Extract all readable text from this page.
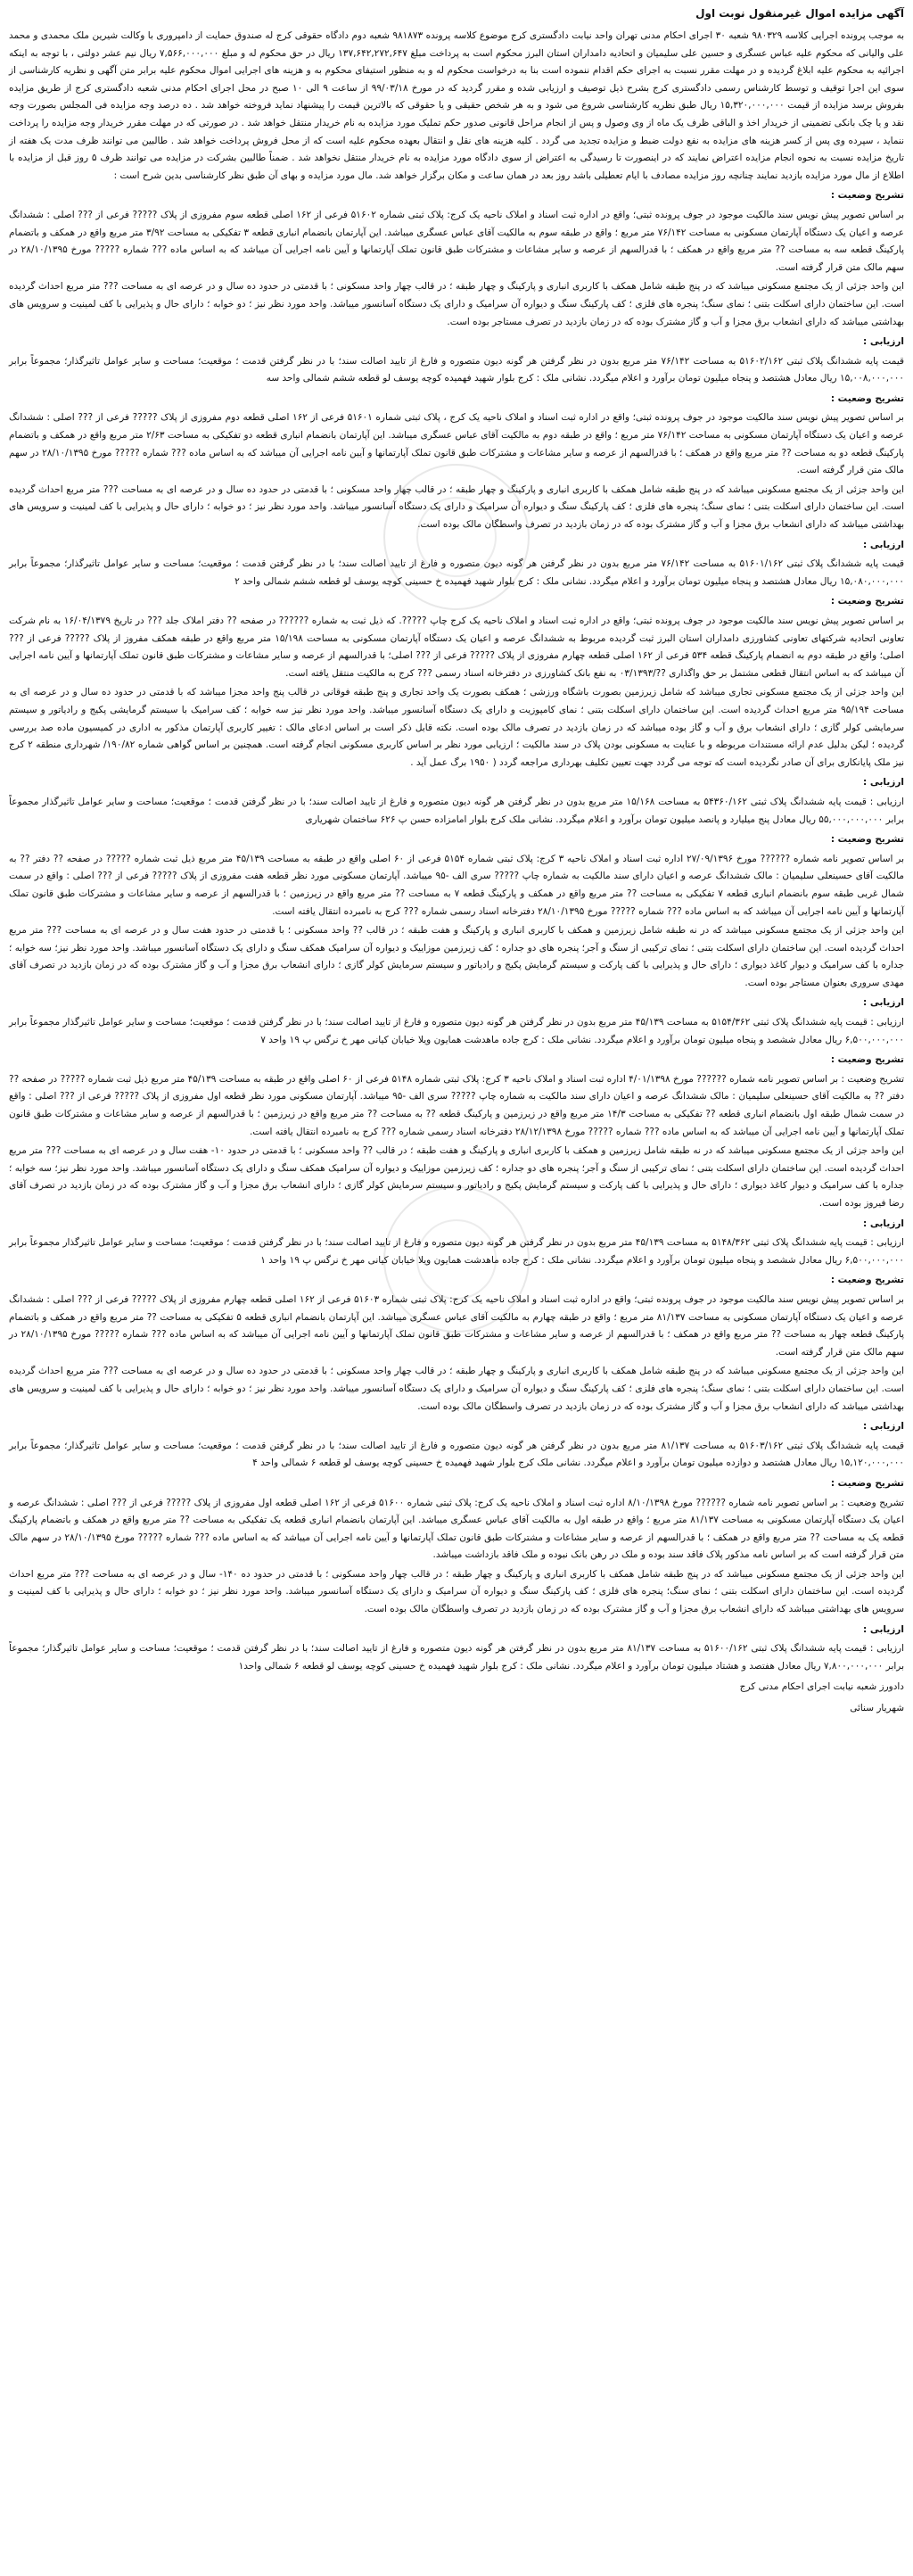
آگهی مزایده اموال غیرمنقول نوبت اول
به موجب پرونده اجرایی کلاسه ۹۸۰۳۲۹ شعبه ۳۰ اجرای احکام مدنی تهران واحد نیابت دادگستری کرج موضوع کلاسه پرونده ۹۸۱۸۷۳ شعبه دوم دادگاه حقوقی کرج له صندوق حمایت از دامپروری با وکالت شیرین ملک محمدی و محمد علی والیانی که محکوم علیه عباس عسگری و حسین علی سلیمیان و اتحادیه دامداران استان البرز محکوم است به پرداخت مبلغ ۱۳۷,۶۴۲,۲۷۲,۶۴۷ ریال در حق محکوم له و مبلغ ۷,۵۶۶,۰۰۰,۰۰۰ ریال نیم عشر دولتی ، با توجه به اینکه اجرائیه به محکوم علیه ابلاغ گردیده و در مهلت مقرر نسبت به اجرای حکم اقدام ننموده است بنا به درخواست محکوم له و به منظور استیفای محکوم به و هزینه های اجرایی اموال محکوم علیه برابر متن آگهی و نظریه کارشناسی از سوی این اجرا توقیف و توسط کارشناس رسمی دادگستری کرج بشرح ذیل توصیف و ارزیابی شده و مقرر گردید که در مورخ ۹۹/۰۳/۱۸ از ساعت ۹ الی ۱۰ صبح در محل اجرای احکام مدنی شعبه دادگستری کرج از طریق مزایده بفروش برسد مزایده از قیمت ۱۵,۳۲۰,۰۰۰,۰۰۰ ریال طبق نظریه کارشناسی شروع می شود و به هر شخص حقیقی و یا حقوقی که بالاترین قیمت را پیشنهاد نماید فروخته خواهد شد . ده درصد وجه مزایده فی المجلس بصورت وجه نقد و یا چک بانکی تضمینی از خریدار اخذ و الباقی ظرف یک ماه از وی وصول و پس از انجام مراحل قانونی صدور حکم تملیک مورد مزایده به نام خریدار منتقل خواهد شد . در صورتی که در مهلت مقرر خریدار وجه مزایده را پرداخت ننماید ، سپرده وی پس از کسر هزینه های مزایده به نفع دولت ضبط و مزایده تجدید می گردد . کلیه هزینه های نقل و انتقال بعهده محکوم علیه است که از محل فروش پرداخت خواهد شد . طالبین می توانند ظرف مدت یک هفته از تاریخ مزایده نسبت به نحوه انجام مزایده اعتراض نمایند که در اینصورت تا رسیدگی به اعتراض از سوی دادگاه مورد مزایده به نام خریدار منتقل نخواهد شد . ضمناً طالبین بشرکت در مزایده می توانند ظرف ۵ روز قبل از مزایده با اطلاع از مال مورد مزایده بازدید نمایند چنانچه روز مزایده مصادف با ایام تعطیلی باشد روز بعد در همان ساعت و مکان برگزار خواهد شد. مال مورد مزایده و بهای آن طبق نظر کارشناسی بدین شرح است :
تشریح وضعیت :
بر اساس تصویر پیش نویس سند مالکیت موجود در جوف پرونده ثبتی؛ واقع در اداره ثبت اسناد و املاک ناحیه یک کرج: پلاک ثبتی شماره ۵۱۶۰۲ فرعی از ۱۶۲ اصلی قطعه سوم مفروزی از پلاک ????? فرعی از ??? اصلی : ششدانگ عرصه و اعیان یک دستگاه آپارتمان مسکونی به مساحت ۷۶/۱۴۲ متر مربع ؛ واقع در طبقه سوم به مالکیت آقای عباس عسگری میباشد. این آپارتمان بانضمام انباری قطعه ۳ تفکیکی به مساحت ۳/۹۲ متر مربع واقع در همکف و باتضمام پارکینگ قطعه سه به مساحت ?? متر مربع واقع در همکف ؛ با قدرالسهم از عرصه و سایر مشاعات و مشترکات طبق قانون تملک آپارتمانها و آیین نامه اجرایی آن میباشد که به اساس ماده ??? شماره ????? مورخ ۲۸/۱۰/۱۳۹۵ در سهم مالک متن قرار گرفته است.
این واحد جزئی از یک مجتمع مسکونی میباشد که در پنج طبقه شامل همکف با کاربری انباری و پارکینگ و چهار طبقه ؛ در قالب چهار واحد مسکونی ؛ با قدمتی در حدود ده سال و در عرصه ای به مساحت ??? متر مربع احداث گردیده است. این ساختمان دارای اسکلت بتنی ؛ نمای سنگ؛ پنجره های فلزی ؛ کف پارکینگ سنگ و دیواره آن سرامیک و دارای یک دستگاه آسانسور میباشد. واحد مورد نظر نیز ؛ دو خوابه ؛ دارای حال و پذیرایی با کف لمینیت و سرویس های بهداشتی میباشد که دارای انشعاب برق مجزا و آب و گاز مشترک بوده که در زمان بازدید در تصرف مستاجر بوده است.
ارزیابی :
قیمت پایه ششدانگ پلاک ثبتی ۵۱۶۰۲/۱۶۲ به مساحت ۷۶/۱۴۲ متر مربع بدون در نظر گرفتن هر گونه دیون متصوره و فارغ از تایید اصالت سند؛ با در نظر گرفتن قدمت ؛ موقعیت؛ مساحت و سایر عوامل تاثیرگذار؛ مجموعاً برابر ۱۵,۰۰۸,۰۰۰,۰۰۰ ریال معادل هشتصد و پنجاه میلیون تومان برآورد و اعلام میگردد. نشانی ملک : کرج بلوار شهید فهمیده کوچه یوسف لو قطعه ششم شمالی واحد سه
تشریح وضعیت :
بر اساس تصویر پیش نویس سند مالکیت موجود در جوف پرونده ثبتی؛ واقع در اداره ثبت اسناد و املاک ناحیه یک کرج ، پلاک ثبتی شماره ۵۱۶۰۱ فرعی از ۱۶۲ اصلی قطعه دوم مفروزی از پلاک ????? فرعی از ??? اصلی : ششدانگ عرصه و اعیان یک دستگاه آپارتمان مسکونی به مساحت ۷۶/۱۴۲ متر مربع ؛ واقع در طبقه دوم به مالکیت آقای عباس عسگری میباشد. این آپارتمان بانضمام انباری قطعه دو تفکیکی به مساحت ۲/۶۳ متر مربع واقع در همکف و باتضمام پارکینگ قطعه دو به مساحت ?? متر مربع واقع در همکف ؛ با قدرالسهم از عرصه و سایر مشاعات و مشترکات طبق قانون تملک آپارتمانها و آیین نامه اجرایی آن میباشد که به اساس ماده ??? شماره ????? مورخ ۲۸/۱۰/۱۳۹۵ در سهم مالک متن قرار گرفته است.
این واحد جزئی از یک مجتمع مسکونی میباشد که در پنج طبقه شامل همکف با کاربری انباری و پارکینگ و چهار طبقه ؛ در قالب چهار واحد مسکونی ؛ با قدمتی در حدود ده سال و در عرصه ای به مساحت ??? متر مربع احداث گردیده است. این ساختمان دارای اسکلت بتنی ؛ نمای سنگ؛ پنجره های فلزی ؛ کف پارکینگ سنگ و دیواره آن سرامیک و دارای یک دستگاه آسانسور میباشد. واحد مورد نظر نیز ؛ دو خوابه ؛ دارای حال و پذیرایی با کف لمینیت و سرویس های بهداشتی میباشد که دارای انشعاب برق مجزا و آب و گاز مشترک بوده که در زمان بازدید در تصرف واسطگان مالک بوده است.
ارزیابی :
قیمت پایه ششدانگ پلاک ثبتی ۵۱۶۰۱/۱۶۲ به مساحت ۷۶/۱۴۲ متر مربع بدون در نظر گرفتن هر گونه دیون متصوره و فارغ از تایید اصالت سند؛ با در نظر گرفتن قدمت ؛ موقعیت؛ مساحت و سایر عوامل تاثیرگذار؛ مجموعاً برابر ۱۵,۰۸۰,۰۰۰,۰۰۰ ریال معادل هشتصد و پنجاه میلیون تومان برآورد و اعلام میگردد. نشانی ملک : کرج بلوار شهید فهمیده خ حسینی کوچه یوسف لو قطعه ششم شمالی واحد ۲
تشریح وضعیت :
بر اساس تصویر پیش نویس سند مالکیت موجود در جوف پرونده ثبتی؛ واقع در اداره ثبت اسناد و املاک ناحیه یک کرج چاپ ?????. که ذیل ثبت به شماره ?????? در صفحه ?? دفتر املاک جلد ??? در تاریخ ۱۶/۰۴/۱۳۷۹ به نام شرکت تعاونی اتحادیه شرکتهای تعاونی کشاورزی دامداران استان البرز ثبت گردیده مربوط به ششدانگ عرصه و اعیان یک دستگاه آپارتمان مسکونی به مساحت ۱۵/۱۹۸ متر مربع واقع در طبقه همکف مفروز از پلاک ????? فرعی از ??? اصلی؛ واقع در طبقه دوم به انضمام پارکینگ قطعه ۵۳۴ فرعی از ۱۶۲ اصلی قطعه چهارم مفروزی از پلاک ????? فرعی از ??? اصلی؛ با قدرالسهم از عرصه و سایر مشاعات و مشترکات طبق قانون تملک آپارتمانها و آیین نامه اجرایی آن میباشد که به اساس انتقال قطعی مشتمل بر حق واگذاری ??/۰۳/۱۳۹۳ به نفع بانک کشاورزی در دفترخانه اسناد رسمی ??? کرج به مالکیت منتقل یافته است.
این واحد جزئی از یک مجتمع مسکونی تجاری میباشد که شامل زیرزمین بصورت باشگاه ورزشی ؛ همکف بصورت یک واحد تجاری و پنج طبقه فوقانی در قالب پنج واحد مجزا میباشد که با قدمتی در حدود ده سال و در عرصه ای به مساحت ۹۵/۱۹۴ متر مربع احداث گردیده است. این ساختمان دارای اسکلت بتنی ؛ نمای کامپوزیت و دارای یک دستگاه آسانسور میباشد. واحد مورد نظر نیز سه خوابه ؛ کف سرامیک با سیستم گرمایشی پکیج و رادیاتور و سیستم سرمایشی کولر گازی ؛ دارای انشعاب برق و آب و گاز بوده میباشد که در زمان بازدید در تصرف مالک بوده است. نکته قابل ذکر است بر اساس ادعای مالک : تغییر کاربری آپارتمان مذکور به اداری در کمیسیون ماده صد بررسی گردیده ؛ لیکن بدلیل عدم ارائه مستندات مربوطه و با عنایت به مسکونی بودن پلاک در سند مالکیت ؛ ارزیابی مورد نظر بر اساس کاربری مسکونی انجام گرفته است. همچنین بر اساس گواهی شماره ۱۹۰/۸۲/ شهرداری منطقه ۲ کرج نیز ملک پایانکاری برای آن صادر نگردیده است که توجه می گردد جهت تعیین تکلیف بهرداری مراجعه گردد ( ۱۹۵۰ برگ عمل آید .
ارزیابی :
ارزیابی : قیمت پایه ششدانگ پلاک ثبتی ۵۴۳۶۰/۱۶۲ به مساحت ۱۵/۱۶۸ متر مربع بدون در نظر گرفتن هر گونه دیون متصوره و فارغ از تایید اصالت سند؛ با در نظر گرفتن قدمت ؛ موقعیت؛ مساحت و سایر عوامل تاثیرگذار مجموعاً برابر ۵۵,۰۰۰,۰۰۰,۰۰۰ ریال معادل پنج میلیارد و پانصد میلیون تومان برآورد و اعلام میگردد. نشانی ملک کرج بلوار امامزاده حسن پ ۶۲۶ ساختمان شهریاری
تشریح وضعیت :
بر اساس تصویر نامه شماره ?????? مورخ ۲۷/۰۹/۱۳۹۶ اداره ثبت اسناد و املاک ناحیه ۳ کرج: پلاک ثبتی شماره ۵۱۵۴ فرعی از ۶۰ اصلی واقع در طبقه به مساحت ۴۵/۱۳۹ متر مربع ذیل ثبت شماره ????? در صفحه ?? دفتر ?? به مالکیت آقای حسینعلی سلیمیان : مالک ششدانگ عرصه و اعیان دارای سند مالکیت به شماره چاپ ????? سری الف -۹۵ میباشد. آپارتمان مسکونی مورد نظر قطعه هفت مفروزی از پلاک ????? فرعی از ??? اصلی : واقع در سمت شمال غربی طبقه سوم بانضمام انباری قطعه ۷ تفکیکی به مساحت ?? متر مربع واقع در همکف و پارکینگ قطعه ۷ به مساحت ?? متر مربع واقع در زیرزمین ؛ با قدرالسهم از عرصه و سایر مشاعات و مشترکات طبق قانون تملک آپارتمانها و آیین نامه اجرایی آن میباشد که به اساس ماده ??? شماره ????? مورخ ۲۸/۱۰/۱۳۹۵ دفترخانه اسناد رسمی شماره ??? کرج به نامبرده انتقال یافته است.
این واحد جزئی از یک مجتمع مسکونی میباشد که در نه طبقه شامل زیرزمین و همکف با کاربری انباری و پارکینگ و هفت طبقه ؛ در قالب ?? واحد مسکونی ؛ با قدمتی در حدود هفت سال و در عرصه ای به مساحت ??? متر مربع احداث گردیده است. این ساختمان دارای اسکلت بتنی ؛ نمای ترکیبی از سنگ و آجر؛ پنجره های دو جداره ؛ کف زیرزمین موزاییک و دیواره آن سرامیک همکف سنگ و دارای یک دستگاه آسانسور میباشد. واحد مورد نظر نیز؛ سه خوابه ؛ جداره با کف سرامیک و دیوار کاغذ دیواری ؛ دارای حال و پذیرایی با کف پارکت و سیستم گرمایش پکیج و رادیاتور و سیستم سرمایش کولر گازی ؛ دارای انشعاب برق مجزا و آب و گاز مشترک بوده که در زمان بازدید در تصرف آقای مهدی سروری بعنوان مستاجر بوده است.
ارزیابی :
ارزیابی : قیمت پایه ششدانگ پلاک ثبتی ۵۱۵۴/۳۶۲ به مساحت ۴۵/۱۳۹ متر مربع بدون در نظر گرفتن هر گونه دیون متصوره و فارغ از تایید اصالت سند؛ با در نظر گرفتن قدمت ؛ موقعیت؛ مساحت و سایر عوامل تاثیرگذار مجموعاً برابر ۶,۵۰۰,۰۰۰,۰۰۰ ریال معادل ششصد و پنجاه میلیون تومان برآورد و اعلام میگردد. نشانی ملک : کرج جاده ماهدشت همایون ویلا خیابان کیانی مهر خ نرگس پ ۱۹ واحد ۷
تشریح وضعیت :
تشریح وضعیت : بر اساس تصویر نامه شماره ?????? مورخ ۴/۰۱/۱۳۹۸ اداره ثبت اسناد و املاک ناحیه ۳ کرج: پلاک ثبتی شماره ۵۱۴۸ فرعی از ۶۰ اصلی واقع در طبقه به مساحت ۴۵/۱۳۹ متر مربع ذیل ثبت شماره ????? در صفحه ?? دفتر ?? به مالکیت آقای حسینعلی سلیمیان : مالک ششدانگ عرصه و اعیان دارای سند مالکیت به شماره چاپ ????? سری الف -۹۵ میباشد. آپارتمان مسکونی مورد نظر قطعه اول مفروزی از پلاک ????? فرعی از ??? اصلی : واقع در سمت شمال طبقه اول بانضمام انباری قطعه ?? تفکیکی به مساحت ۱۴/۳ متر مربع واقع در زیرزمین و پارکینگ قطعه ?? به مساحت ?? متر مربع واقع در زیرزمین ؛ با قدرالسهم از عرصه و سایر مشاعات و مشترکات طبق قانون تملک آپارتمانها و آیین نامه اجرایی آن میباشد که به اساس ماده ??? شماره ????? مورخ ۲۸/۱۲/۱۳۹۸ دفترخانه اسناد رسمی شماره ??? کرج به نامبرده انتقال یافته است.
این واحد جزئی از یک مجتمع مسکونی میباشد که در نه طبقه شامل زیرزمین و همکف با کاربری انباری و پارکینگ و هفت طبقه ؛ در قالب ?? واحد مسکونی ؛ با قدمتی در حدود ۱۰- هفت سال و در عرصه ای به مساحت ??? متر مربع احداث گردیده است. این ساختمان دارای اسکلت بتنی ؛ نمای ترکیبی از سنگ و آجر؛ پنجره های دو جداره ؛ کف زیرزمین موزاییک و دیواره آن سرامیک همکف سنگ و دارای یک دستگاه آسانسور میباشد. واحد مورد نظر نیز؛ سه خوابه ؛ جداره با کف سرامیک و دیوار کاغذ دیواری ؛ دارای حال و پذیرایی با کف پارکت و سیستم گرمایش پکیج و رادیاتور و سیستم سرمایش کولر گازی ؛ دارای انشعاب برق مجزا و آب و گاز مشترک بوده که در زمان بازدید در تصرف آقای رضا فیروز بوده است.
ارزیابی :
ارزیابی : قیمت پایه ششدانگ پلاک ثبتی ۵۱۴۸/۳۶۲ به مساحت ۴۵/۱۳۹ متر مربع بدون در نظر گرفتن هر گونه دیون متصوره و فارغ از تایید اصالت سند؛ با در نظر گرفتن قدمت ؛ موقعیت؛ مساحت و سایر عوامل تاثیرگذار مجموعاً برابر ۶,۵۰۰,۰۰۰,۰۰۰ ریال معادل ششصد و پنجاه میلیون تومان برآورد و اعلام میگردد. نشانی ملک : کرج جاده ماهدشت همایون ویلا خیابان کیانی مهر خ نرگس پ ۱۹ واحد ۱
تشریح وضعیت :
بر اساس تصویر پیش نویس سند مالکیت موجود در جوف پرونده ثبتی؛ واقع در اداره ثبت اسناد و املاک ناحیه یک کرج: پلاک ثبتی شماره ۵۱۶۰۳ فرعی از ۱۶۲ اصلی قطعه چهارم مفروزی از پلاک ????? فرعی از ??? اصلی : ششدانگ عرصه و اعیان یک دستگاه آپارتمان مسکونی به مساحت ۸۱/۱۳۷ متر مربع ؛ واقع در طبقه چهارم به مالکیت آقای عباس عسگری میباشد. این آپارتمان بانضمام انباری قطعه ۵ تفکیکی به مساحت ?? متر مربع واقع در همکف و باتضمام پارکینگ قطعه چهار به مساحت ?? متر مربع واقع در همکف ؛ با قدرالسهم از عرصه و سایر مشاعات و مشترکات طبق قانون تملک آپارتمانها و آیین نامه اجرایی آن میباشد که به اساس ماده ??? شماره ????? مورخ ۲۸/۱۰/۱۳۹۵ در سهم مالک متن قرار گرفته است.
این واحد جزئی از یک مجتمع مسکونی میباشد که در پنج طبقه شامل همکف با کاربری انباری و پارکینگ و چهار طبقه ؛ در قالب چهار واحد مسکونی ؛ با قدمتی در حدود ده سال و در عرصه ای به مساحت ??? متر مربع احداث گردیده است. این ساختمان دارای اسکلت بتنی ؛ نمای سنگ؛ پنجره های فلزی ؛ کف پارکینگ سنگ و دیواره آن سرامیک و دارای یک دستگاه آسانسور میباشد. واحد مورد نظر نیز ؛ دو خوابه ؛ دارای حال و پذیرایی با کف لمینیت و سرویس های بهداشتی میباشد که دارای انشعاب برق مجزا و آب و گاز مشترک بوده که در زمان بازدید در تصرف واسطگان مالک بوده است.
ارزیابی :
قیمت پایه ششدانگ پلاک ثبتی ۵۱۶۰۳/۱۶۲ به مساحت ۸۱/۱۳۷ متر مربع بدون در نظر گرفتن هر گونه دیون متصوره و فارغ از تایید اصالت سند؛ با در نظر گرفتن قدمت ؛ موقعیت؛ مساحت و سایر عوامل تاثیرگذار؛ مجموعاً برابر ۱۵,۱۲۰,۰۰۰,۰۰۰ ریال معادل هشتصد و دوازده میلیون تومان برآورد و اعلام میگردد. نشانی ملک کرج بلوار شهید فهمیده خ حسینی کوچه یوسف لو قطعه ۶ شمالی واحد ۴
تشریح وضعیت :
تشریح وضعیت : بر اساس تصویر نامه شماره ?????? مورخ ۸/۱۰/۱۳۹۸ اداره ثبت اسناد و املاک ناحیه یک کرج: پلاک ثبتی شماره ۵۱۶۰۰ فرعی از ۱۶۲ اصلی قطعه اول مفروزی از پلاک ????? فرعی از ??? اصلی : ششدانگ عرصه و اعیان یک دستگاه آپارتمان مسکونی به مساحت ۸۱/۱۳۷ متر مربع ؛ واقع در طبقه اول به مالکیت آقای عباس عسگری میباشد. این آپارتمان بانضمام انباری قطعه یک تفکیکی به مساحت ?? متر مربع واقع در همکف و باتضمام پارکینگ قطعه یک به مساحت ?? متر مربع واقع در همکف ؛ با قدرالسهم از عرصه و سایر مشاعات و مشترکات طبق قانون تملک آپارتمانها و آیین نامه اجرایی آن میباشد که به اساس ماده ??? شماره ????? مورخ ۲۸/۱۰/۱۳۹۵ در سهم مالک متن قرار گرفته است که بر اساس نامه مذکور پلاک فاقد سند بوده و ملک در رهن بانک نبوده و ملک فاقد بازداشت میباشد.
این واحد جزئی از یک مجتمع مسکونی میباشد که در پنج طبقه شامل همکف با کاربری انباری و پارکینگ و چهار طبقه ؛ در قالب چهار واحد مسکونی ؛ با قدمتی در حدود ده ۱۴۰- سال و در عرصه ای به مساحت ??? متر مربع احداث گردیده است. این ساختمان دارای اسکلت بتنی ؛ نمای سنگ؛ پنجره های فلزی ؛ کف پارکینگ سنگ و دیواره آن سرامیک و دارای یک دستگاه آسانسور میباشد. واحد مورد نظر نیز ؛ دو خوابه ؛ دارای حال و پذیرایی با کف لمینیت و سرویس های بهداشتی میباشد که دارای انشعاب برق مجزا و آب و گاز مشترک بوده که در زمان بازدید در تصرف واسطگان مالک بوده است.
ارزیابی :
ارزیابی : قیمت پایه ششدانگ پلاک ثبتی ۵۱۶۰۰/۱۶۲ به مساحت ۸۱/۱۳۷ متر مربع بدون در نظر گرفتن هر گونه دیون متصوره و فارغ از تایید اصالت سند؛ با در نظر گرفتن قدمت ؛ موقعیت؛ مساحت و سایر عوامل تاثیرگذار؛ مجموعاً برابر ۷,۸۰۰,۰۰۰,۰۰۰ ریال معادل هفتصد و هشتاد میلیون تومان برآورد و اعلام میگردد. نشانی ملک : کرج بلوار شهید فهمیده خ حسینی کوچه یوسف لو قطعه ۶ شمالی واحد۱
دادورز شعبه نیابت اجرای احکام مدنی کرج
شهریار سنائی
